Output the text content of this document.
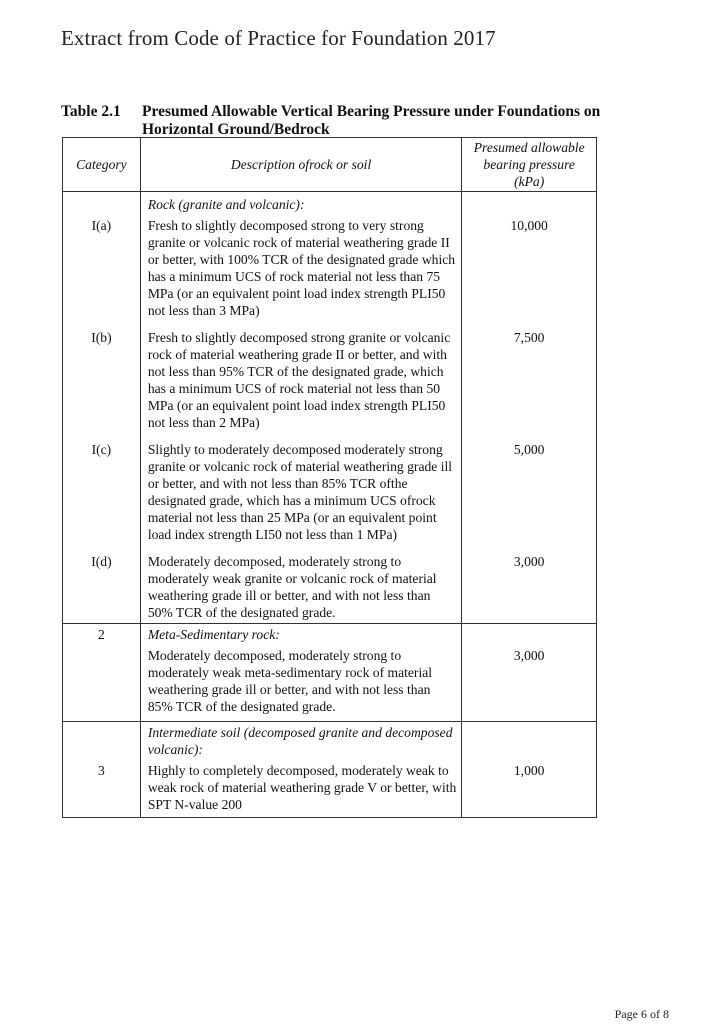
Extract from Code of Practice for Foundation 2017
Table 2.1 Presumed Allowable Vertical Bearing Pressure under Foundations on Horizontal Ground/Bedrock
Category	Description ofrock or soil	Presumed allowable bearing pressure (kPa)

	Rock (granite and volcanic):	
I(a)	Fresh to slightly decomposed strong to very strong granite or volcanic rock of material weathering grade II or better, with 100% TCR of the designated grade which has a minimum UCS of rock material not less than 75 MPa (or an equivalent point load index strength PLI50 not less than 3 MPa)	10,000
I(b)	Fresh to slightly decomposed strong granite or volcanic rock of material weathering grade II or better, and with not less than 95% TCR of the designated grade, which has a minimum UCS of rock material not less than 50 MPa (or an equivalent point load index strength PLI50 not less than 2 MPa)	7,500
I(c)	Slightly to moderately decomposed moderately strong granite or volcanic rock of material weathering grade ill or better, and with not less than 85% TCR ofthe designated grade, which has a minimum UCS ofrock material not less than 25 MPa (or an equivalent point load index strength LI50 not less than 1 MPa)	5,000
I(d)	Moderately decomposed, moderately strong to moderately weak granite or volcanic rock of material weathering grade ill or better, and with not less than 50% TCR of the designated grade.	3,000
2	Meta-Sedimentary rock:	
	Moderately decomposed, moderately strong to moderately weak meta-sedimentary rock of material weathering grade ill or better, and with not less than 85% TCR of the designated grade.	3,000
	Intermediate soil (decomposed granite and decomposed volcanic):	
3	Highly to completely decomposed, moderately weak to weak rock of material weathering grade V or better, with SPT N-value 200	1,000
Page 6 of 8
